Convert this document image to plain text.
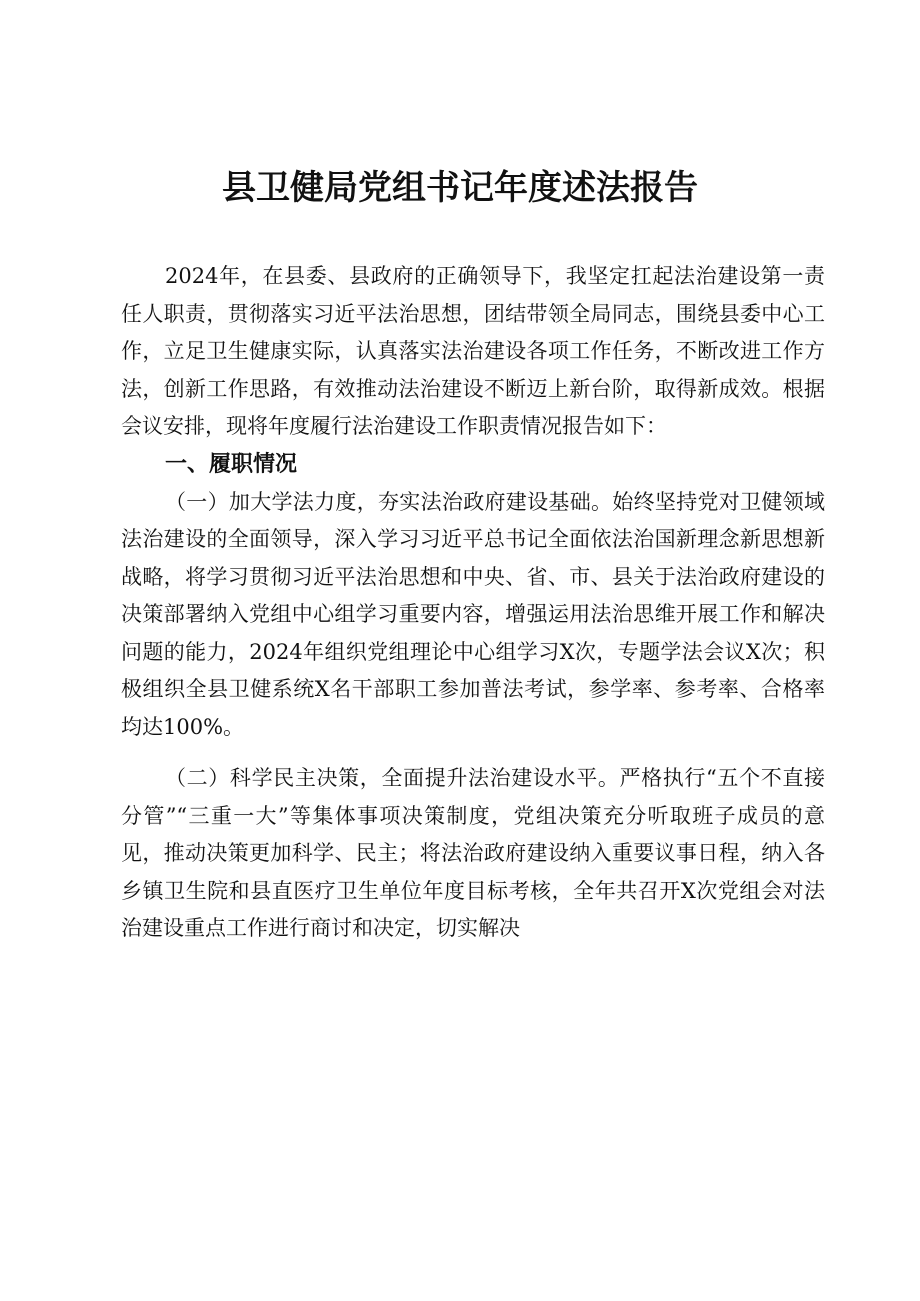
县卫健局党组书记年度述法报告

2024年，在县委、县政府的正确领导下，我坚定扛起法治建设第一责任人职责，贯彻落实习近平法治思想，团结带领全局同志，围绕县委中心工作，立足卫生健康实际，认真落实法治建设各项工作任务，不断改进工作方法，创新工作思路，有效推动法治建设不断迈上新台阶，取得新成效。根据会议安排，现将年度履行法治建设工作职责情况报告如下：

一、履职情况

（一）加大学法力度，夯实法治政府建设基础。始终坚持党对卫健领域法治建设的全面领导，深入学习习近平总书记全面依法治国新理念新思想新战略，将学习贯彻习近平法治思想和中央、省、市、县关于法治政府建设的决策部署纳入党组中心组学习重要内容，增强运用法治思维开展工作和解决问题的能力，2024年组织党组理论中心组学习X次，专题学法会议X次；积极组织全县卫健系统X名干部职工参加普法考试，参学率、参考率、合格率均达100%。

（二）科学民主决策，全面提升法治建设水平。严格执行“五个不直接分管”“三重一大”等集体事项决策制度，党组决策充分听取班子成员的意见，推动决策更加科学、民主；将法治政府建设纳入重要议事日程，纳入各乡镇卫生院和县直医疗卫生单位年度目标考核，全年共召开X次党组会对法治建设重点工作进行商讨和决定，切实解决
